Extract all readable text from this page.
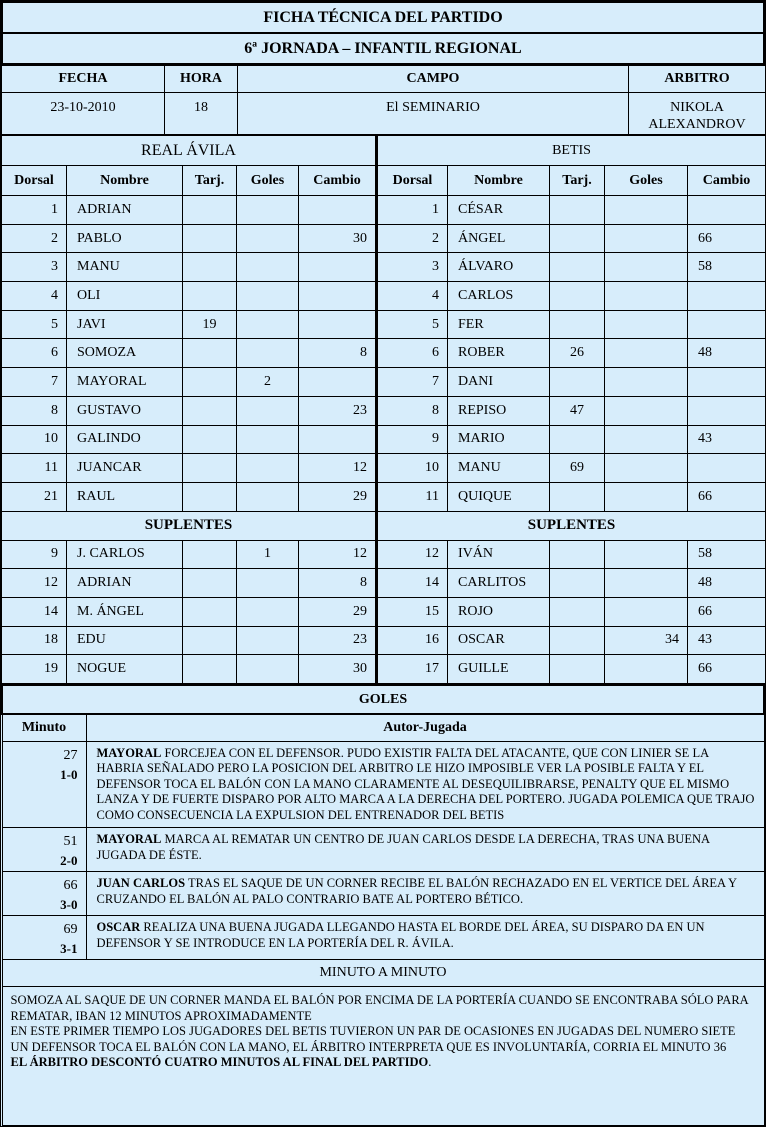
FICHA TÉCNICA DEL PARTIDO
6ª JORNADA – INFANTIL REGIONAL
FECHA	HORA	CAMPO	ARBITRO
23-10-2010	18	El SEMINARIO	NIKOLA
ALEXANDROV
REAL ÁVILA					BETIS				
Dorsal	Nombre	Tarj.	Goles	Cambio	Dorsal	Nombre	Tarj.	Goles	Cambio
1	ADRIAN				1	CÉSAR			
2	PABLO			30	2	ÁNGEL			66
3	MANU				3	ÁLVARO			58
4	OLI				4	CARLOS			
5	JAVI	19			5	FER			
6	SOMOZA			8	6	ROBER	26		48
7	MAYORAL		2		7	DANI			
8	GUSTAVO			23	8	REPISO	47		
10	GALINDO				9	MARIO			43
11	JUANCAR			12	10	MANU	69		
21	RAUL			29	11	QUIQUE			66
SUPLENTES					SUPLENTES				
9	J. CARLOS		1	12	12	IVÁN			58
12	ADRIAN			8	14	CARLITOS			48
14	M. ÁNGEL			29	15	ROJO			66
18	EDU			23	16	OSCAR		34	43
19	NOGUE			30	17	GUILLE			66
GOLES	
Minuto	Autor-Jugada

27
1-0	MAYORAL FORCEJEA CON EL DEFENSOR. PUDO EXISTIR FALTA DEL ATACANTE, QUE CON LINIER SE LA HABRIA SEÑALADO PERO LA POSICION DEL ARBITRO LE HIZO IMPOSIBLE VER LA POSIBLE FALTA Y EL DEFENSOR TOCA EL BALÓN CON LA MANO CLARAMENTE AL DESEQUILIBRARSE, PENALTY QUE EL MISMO LANZA Y DE FUERTE DISPARO POR ALTO MARCA A LA DERECHA DEL PORTERO. JUGADA POLEMICA QUE TRAJO COMO CONSECUENCIA LA EXPULSION DEL ENTRENADOR DEL BETIS

51
2-0	MAYORAL MARCA AL REMATAR UN CENTRO DE JUAN CARLOS DESDE LA DERECHA, TRAS UNA BUENA JUGADA DE ÉSTE.

66
3-0	JUAN CARLOS TRAS EL SAQUE DE UN CORNER RECIBE EL BALÓN RECHAZADO EN EL VERTICE DEL ÁREA Y CRUZANDO EL BALÓN AL PALO CONTRARIO BATE AL PORTERO BÉTICO.

69
3-1	OSCAR REALIZA UNA BUENA JUGADA LLEGANDO HASTA EL BORDE DEL ÁREA, SU DISPARO DA EN UN DEFENSOR Y SE INTRODUCE EN LA PORTERÍA DEL R. ÁVILA.
MINUTO A MINUTO	

SOMOZA AL SAQUE DE UN CORNER MANDA EL BALÓN POR ENCIMA DE LA PORTERÍA CUANDO SE ENCONTRABA SÓLO PARA REMATAR, IBAN 12 MINUTOS APROXIMADAMENTE
EN ESTE PRIMER TIEMPO LOS JUGADORES DEL BETIS TUVIERON UN PAR DE OCASIONES EN JUGADAS DEL NUMERO SIETE
UN DEFENSOR TOCA EL BALÓN CON LA MANO, EL ÁRBITRO INTERPRETA QUE ES INVOLUNTARÍA, CORRIA EL MINUTO 36
EL ÁRBITRO DESCONTÓ CUATRO MINUTOS AL FINAL DEL PARTIDO.	
